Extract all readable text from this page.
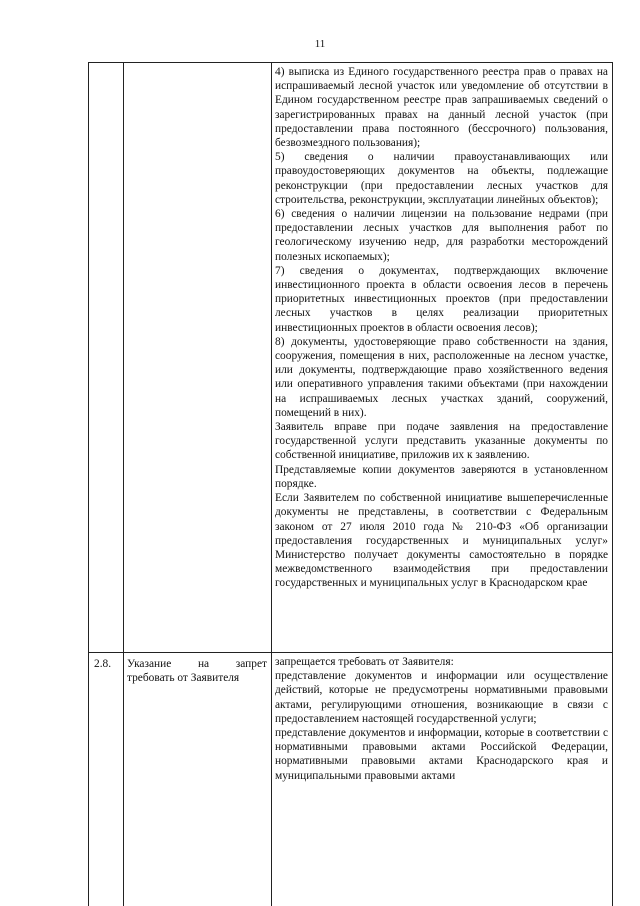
11

4) выписка из Единого государственного реестра прав о правах на испрашиваемый лесной участок или уведомление об отсутствии в Едином государственном реестре прав запрашиваемых сведений о зарегистрированных правах на данный лесной участок (при предоставлении права постоянного (бессрочного) пользования, безвозмездного пользования);

5) сведения о наличии правоустанавливающих или правоудостоверяющих документов на объекты, подлежащие реконструкции (при предоставлении лесных участков для строительства, реконструкции, эксплуатации линейных объектов);

6) сведения о наличии лицензии на пользование недрами (при предоставлении лесных участков для выполнения работ по геологическому изучению недр, для разработки месторождений полезных ископаемых);

7) сведения о документах, подтверждающих включение инвестиционного проекта в области освоения лесов в перечень приоритетных инвестиционных проектов (при предоставлении лесных участков в целях реализации приоритетных инвестиционных проектов в области освоения лесов);

8) документы, удостоверяющие право собственности на здания, сооружения, помещения в них, расположенные на лесном участке, или документы, подтверждающие право хозяйственного ведения или оперативного управления такими объектами (при нахождении на испрашиваемых лесных участках зданий, сооружений, помещений в них).

Заявитель вправе при подаче заявления на предоставление государственной услуги представить указанные документы по собственной инициативе, приложив их к заявлению.

Представляемые копии документов заверяются в установленном порядке.

Если Заявителем по собственной инициативе вышеперечисленные документы не представлены, в соответствии с Федеральным законом от 27 июля 2010 года № 210-ФЗ «Об организации предоставления государственных и муниципальных услуг» Министерство получает документы самостоятельно в порядке межведомственного взаимодействия при предоставлении государственных и муниципальных услуг в Краснодарском крае

2.8. Указание на запрет требовать от Заявителя

запрещается требовать от Заявителя:

представление документов и информации или осуществление действий, которые не предусмотрены нормативными правовыми актами, регулирующими отношения, возникающие в связи с предоставлением настоящей государственной услуги;

представление документов и информации, которые в соответствии с нормативными правовыми актами Российской Федерации, нормативными правовыми актами Краснодарского края и муниципальными правовыми актами
